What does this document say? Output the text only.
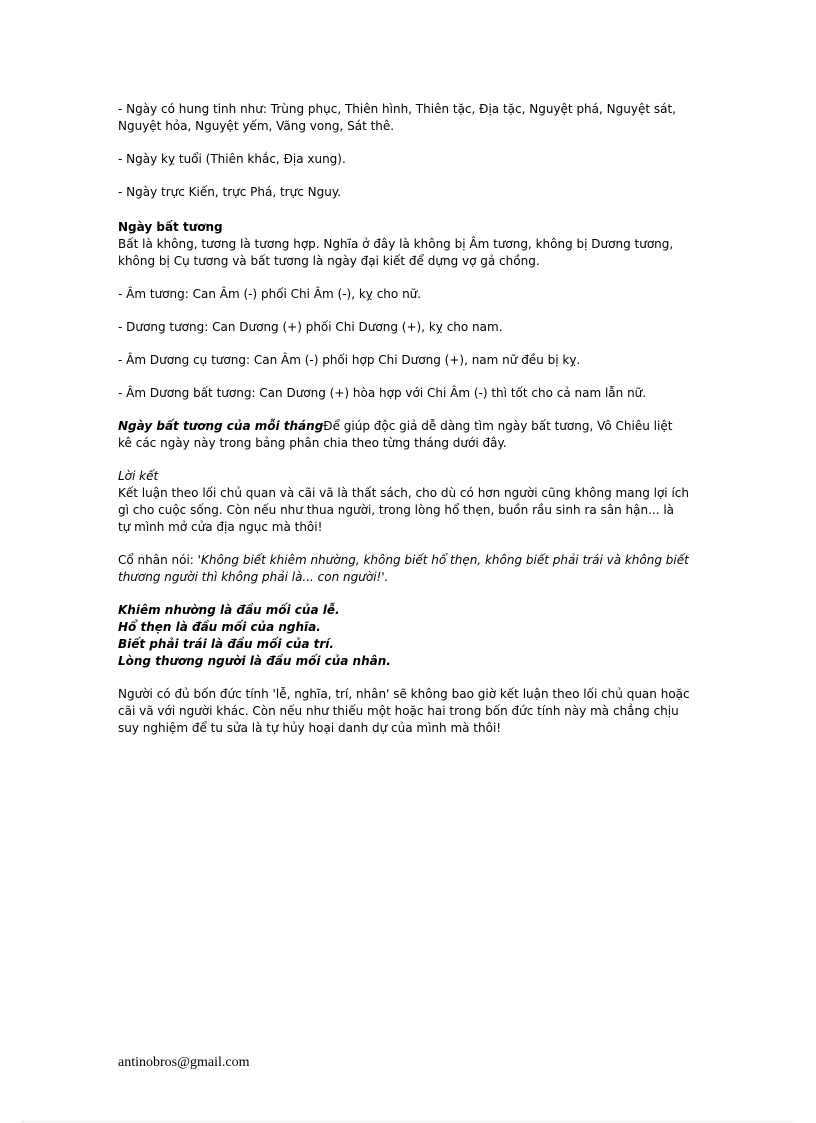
- Ngày có hung tinh như: Trùng phục, Thiên hình, Thiên tặc, Địa tặc, Nguyệt phá, Nguyệt sát, Nguyệt hỏa, Nguyệt yếm, Vãng vong, Sát thê.

- Ngày kỵ tuổi (Thiên khắc, Địa xung).

- Ngày trực Kiến, trực Phá, trực Nguy.

Ngày bất tương

Bất là không, tương là tương hợp. Nghĩa ở đây là không bị Âm tương, không bị Dương tương, không bị Cụ tương và bất tương là ngày đại kiết để dựng vợ gả chồng.

- Âm tương: Can Âm (-) phối Chi Âm (-), kỵ cho nữ.

- Dương tương: Can Dương (+) phối Chi Dương (+), kỵ cho nam.

- Âm Dương cụ tương: Can Âm (-) phối hợp Chi Dương (+), nam nữ đều bị kỵ.

- Âm Dương bất tương: Can Dương (+) hòa hợp với Chi Âm (-) thì tốt cho cả nam lẫn nữ.

Ngày bất tương của mỗi thángĐể giúp độc giả dễ dàng tìm ngày bất tương, Vô Chiêu liệt kê các ngày này trong bảng phân chia theo từng tháng dưới đây.

Lời kết

Kết luận theo lối chủ quan và cãi vã là thất sách, cho dù có hơn người cũng không mang lợi ích gì cho cuộc sống. Còn nếu như thua người, trong lòng hổ thẹn, buồn rầu sinh ra sân hận... là tự mình mở cửa địa ngục mà thôi!

Cổ nhân nói: 'Không biết khiêm nhường, không biết hổ thẹn, không biết phải trái và không biết thương người thì không phải là... con người!'.

Khiêm nhường là đầu mối của lễ.

Hổ thẹn là đầu mối của nghĩa.

Biết phải trái là đầu mối của trí.

Lòng thương người là đầu mối của nhân.

Người có đủ bốn đức tính 'lễ, nghĩa, trí, nhân' sẽ không bao giờ kết luận theo lối chủ quan hoặc cãi vã với người khác. Còn nếu như thiếu một hoặc hai trong bốn đức tính này mà chẳng chịu suy nghiệm để tu sửa là tự hủy hoại danh dự của mình mà thôi!

antinobros@gmail.com
